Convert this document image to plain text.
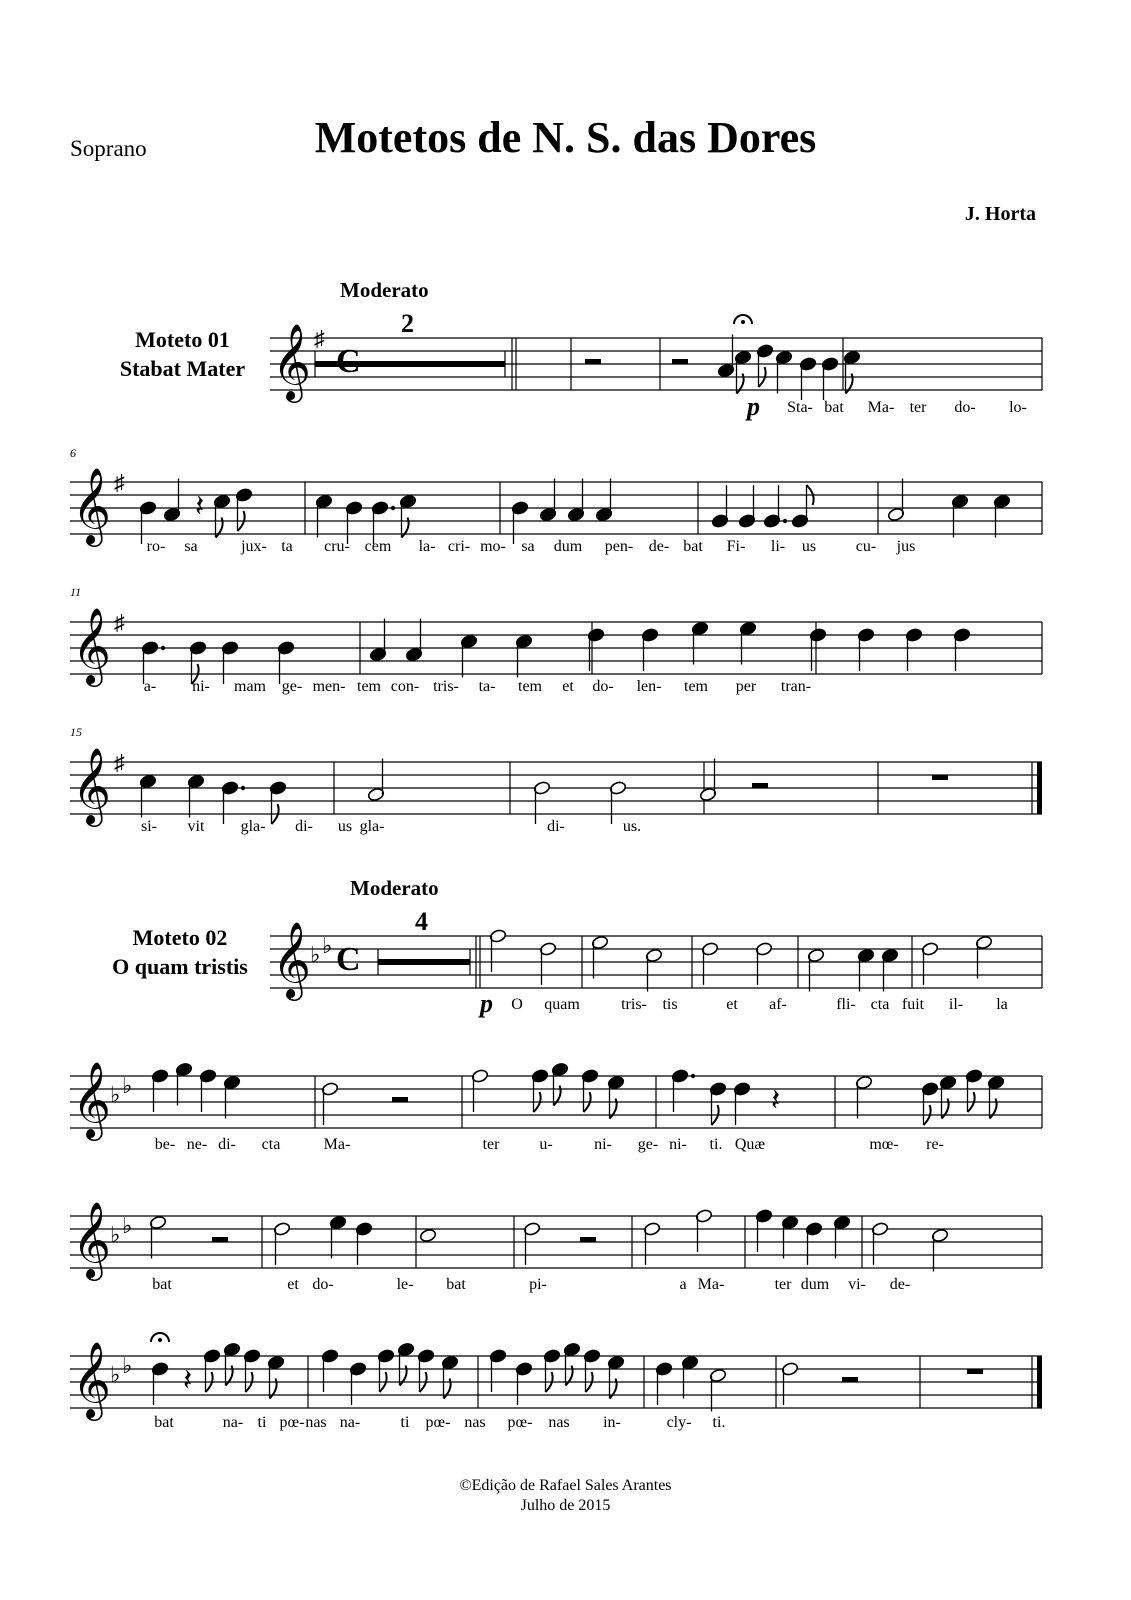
Soprano	Motetos de N. S. das Dores
J. Horta
Moderato
Moteto 01
Stabat Mater
6
11
15
Moderato
Moteto 02
O quam tristis
𝄞 ♯
2
p Sta- bat Ma- ter do- lo-
𝄞 ♯
𝄽
ro- sa	jux- ta cru- cem la- cri- mo- sa dum pen- de- bat Fi- li- us cu- jus
𝄞 ♯
a- ni- mam ge- men- tem con- tris- ta- tem et do- len- tem per tran-
𝄞 ♯
si- vit gla- di- us gla-	di-	us.
𝄞
♭ ♭ C
4
p O quam	tris- tis	et af-	fli- cta fuit il- la
𝄞
♭ ♭	𝄽
be- ne- di- cta	Ma-	ter u-	ni- ge- ni- ti. Quæ	mœ- re-
𝄞
♭ ♭
bat	et do-	le- bat	pi-	a Ma-	ter dum vi- de-
𝄞
♭ ♭ 𝄽
bat	na- ti pœ- nas na-	ti pœ- nas pœ- nas in-	cly- ti.
©Edição de Rafael Sales Arantes
Julho de 2015
